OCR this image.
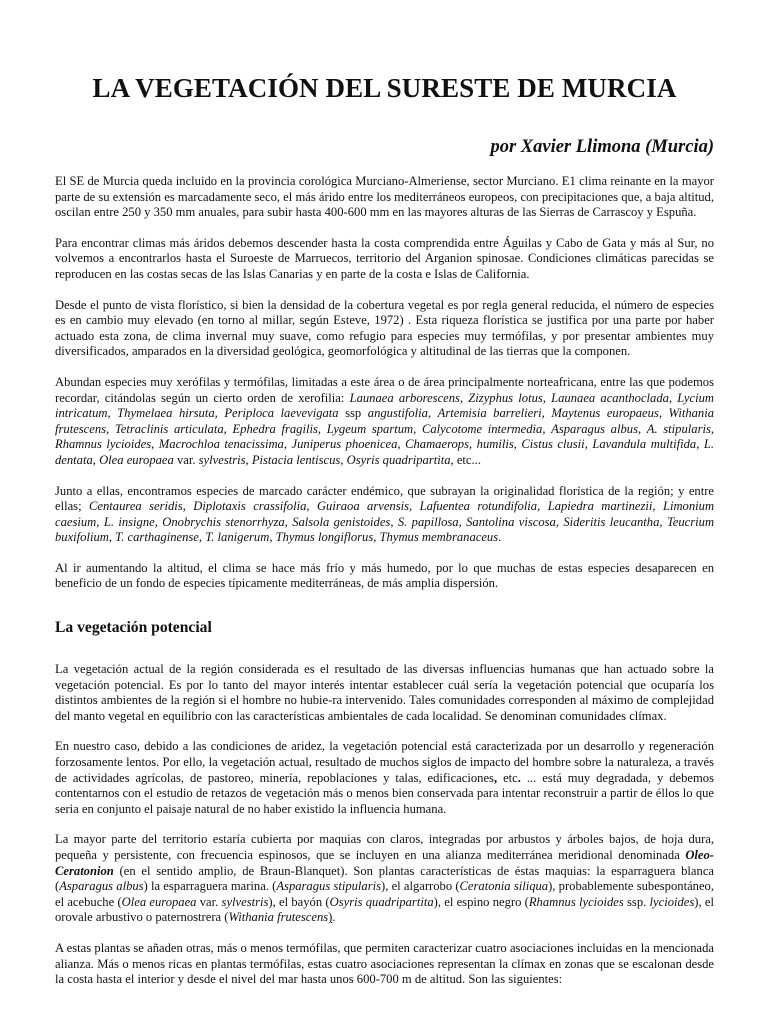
LA VEGETACIÓN DEL SURESTE DE MURCIA
por Xavier Llimona (Murcia)

El SE de Murcia queda incluido en la provincia corológica Murciano-Almeriense, sector Murciano. E1 clima reinante en la mayor parte de su extensión es marcadamente seco, el más árido entre los mediterráneos europeos, con precipitaciones que, a baja altitud, oscilan entre 250 y 350 mm anuales, para subir hasta 400-600 mm en las mayores alturas de las Sierras de Carrascoy y Espuña.

Para encontrar climas más áridos debemos descender hasta la costa comprendida entre Águilas y Cabo de Gata y más al Sur, no volvemos a encontrarlos hasta el Suroeste de Marruecos, territorio del Arganion spinosae. Condiciones climáticas parecidas se reproducen en las costas secas de las Islas Canarias y en parte de la costa e Islas de California.

Desde el punto de vista florístico, si bien la densidad de la cobertura vegetal es por regla general reducida, el número de especies es en cambio muy elevado (en torno al millar, según Esteve, 1972) . Esta riqueza florística se justifica por una parte por haber actuado esta zona, de clima invernal muy suave, como refugio para especies muy termófilas, y por presentar ambientes muy diversificados, amparados en la diversidad geológica, geomorfológica y altitudinal de las tierras que la componen.

Abundan especies muy xerófilas y termófilas, limitadas a este área o de área principalmente norteafricana, entre las que podemos recordar, citándolas según un cierto orden de xerofilia: Launaea arborescens, Zizyphus lotus, Launaea acanthoclada, Lycium intricatum, Thymelaea hirsuta, Periploca laevevigata ssp angustifolia, Artemisia barrelieri, Maytenus europaeus, Withania frutescens, Tetraclinis articulata, Ephedra fragilis, Lygeum spartum, Calycotome intermedia, Asparagus albus, A. stipularis, Rhamnus lycioides, Macrochloa tenacissima, Juniperus phoenicea, Chamaerops, humilis, Cistus clusii, Lavandula multifida, L. dentata, Olea europaea var. sylvestris, Pistacia lentiscus, Osyris quadripartita, etc...

Junto a ellas, encontramos especies de marcado carácter endémico, que subrayan la originalidad florística de la región; y entre ellas; Centaurea seridis, Diplotaxis crassifolia, Guiraoa arvensis, Lafuentea rotundifolia, Lapiedra martinezii, Limonium caesium, L. insigne, Onobrychis stenorrhyza, Salsola genistoides, S. papillosa, Santolina viscosa, Sideritis leucantha, Teucrium buxifolium, T. carthaginense, T. lanigerum, Thymus longiflorus, Thymus membranaceus.

Al ir aumentando la altitud, el clima se hace más frío y más humedo, por lo que muchas de estas especies desaparecen en beneficio de un fondo de especies típicamente mediterráneas, de más amplia dispersión.

La vegetación potencial

La vegetación actual de la región considerada es el resultado de las diversas influencias humanas que han actuado sobre la vegetación potencial. Es por lo tanto del mayor interés intentar establecer cuál sería la vegetación potencial que ocuparía los distintos ambientes de la región si el hombre no hubie-ra intervenido. Tales comunidades corresponden al máximo de complejidad del manto vegetal en equilibrio con las características ambientales de cada localidad. Se denominan comunidades clímax.

En nuestro caso, debido a las condiciones de aridez, la vegetación potencial está caracterizada por un desarrollo y regeneración forzosamente lentos. Por ello, la vegetación actual, resultado de muchos siglos de impacto del hombre sobre la naturaleza, a través de actividades agrícolas, de pastoreo, minería, repoblaciones y talas, edificaciones, etc. ... está muy degradada, y debemos contentarnos con el estudio de retazos de vegetación más o menos bien conservada para intentar reconstruir a partir de éllos lo que seria en conjunto el paisaje natural de no haber existido la influencia humana.

La mayor parte del territorio estaría cubierta por maquias con claros, integradas por arbustos y árboles bajos, de hoja dura, pequeña y persistente, con frecuencia espinosos, que se incluyen en una alianza mediterránea meridional denominada Oleo-Ceratonion (en el sentido amplio, de Braun-Blanquet). Son plantas características de éstas maquias: la esparraguera blanca (Asparagus albus) la esparraguera marina. (Asparagus stipularis), el algarrobo (Ceratonia siliqua), probablemente subespontáneo, el acebuche (Olea europaea var. sylvestris), el bayón (Osyris quadripartita), el espino negro (Rhamnus lycioides ssp. lycioides), el orovale arbustivo o paternostrera (Withania frutescens).

A estas plantas se añaden otras, más o menos termófilas, que permiten caracterizar cuatro asociaciones incluidas en la mencionada alianza. Más o menos ricas en plantas termófilas, estas cuatro asociaciones representan la clímax en zonas que se escalonan desde la costa hasta el interior y desde el nivel del mar hasta unos 600-700 m de altitud. Son las siguientes:
